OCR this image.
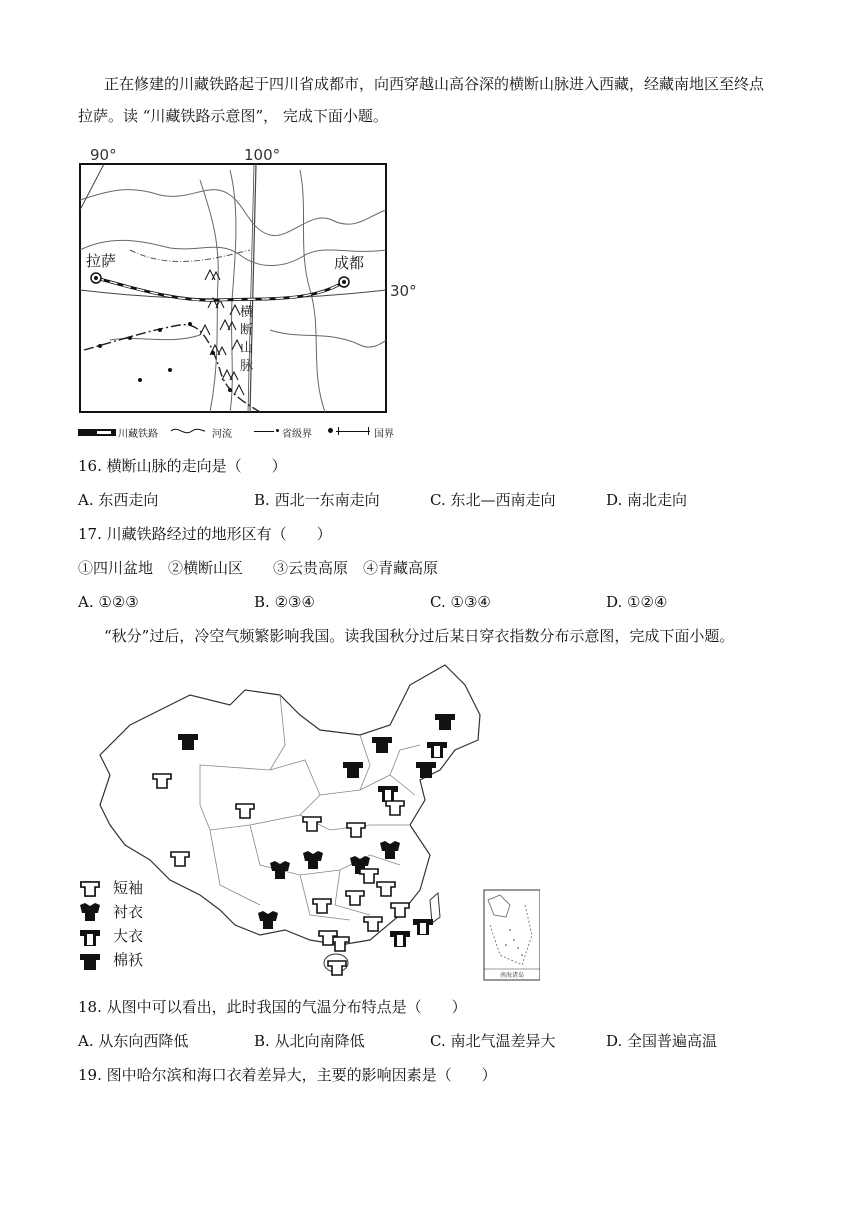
正在修建的川藏铁路起于四川省成都市，向西穿越山高谷深的横断山脉进入西藏，经藏南地区至终点
拉萨。读 “川藏铁路示意图”， 完成下面小题。
90°	100°
30°
拉萨	成都
横
断
山
脉
川藏铁路	河流	省级界	国界
16. 横断山脉的走向是（　　）
A. 东西走向	B. 西北一东南走向	C. 东北—西南走向	D. 南北走向
17. 川藏铁路经过的地形区有（　　）
①四川盆地　②横断山区　　③云贵高原　④青藏高原
A. ①②③	B. ②③④	C. ①③④	D. ①②④
“秋分”过后，冷空气频繁影响我国。读我国秋分过后某日穿衣指数分布示意图，完成下面小题。
南海诸岛
短袖
衬衣
大衣
棉袄
18. 从图中可以看出，此时我国的气温分布特点是（　　）
A. 从东向西降低	B. 从北向南降低	C. 南北气温差异大	D. 全国普遍高温
19. 图中哈尔滨和海口衣着差异大，主要的影响因素是（　　）
